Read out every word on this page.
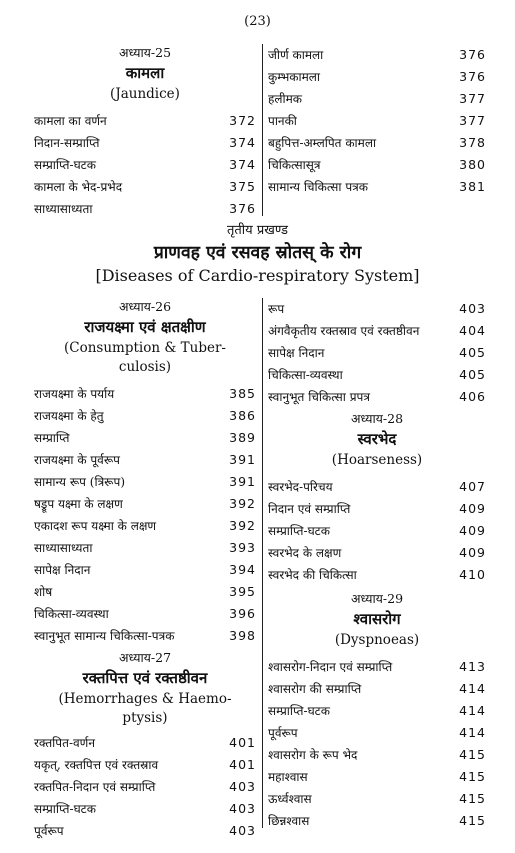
(23)
अध्याय-25
कामला
(Jaundice)
कामला का वर्णन	372
निदान-सम्प्राप्ति	374
सम्प्राप्ति-घटक	374
कामला के भेद-प्रभेद	375
साध्यासाध्यता	376
जीर्ण कामला	376
कुम्भकामला	376
हलीमक	377
पानकी	377
बहुपित्त-अम्लपित कामला	378
चिकित्सासूत्र	380
सामान्य चिकित्सा पत्रक	381
तृतीय प्रखण्ड
प्राणवह एवं रसवह स्रोतस् के रोग
[Diseases of Cardio-respiratory System]
अध्याय-26
राजयक्ष्मा एवं क्षतक्षीण
(Consumption & Tuber-
culosis)
राजयक्ष्मा के पर्याय	385
राजयक्ष्मा के हेतु	386
सम्प्राप्ति	389
राजयक्ष्मा के पूर्वरूप	391
सामान्य रूप (त्रिरूप)	391
षड्रूप यक्ष्मा के लक्षण	392
एकादश रूप यक्ष्मा के लक्षण	392
साध्यासाध्यता	393
सापेक्ष निदान	394
शोष	395
चिकित्सा-व्यवस्था	396
स्वानुभूत सामान्य चिकित्सा-पत्रक	398
अध्याय-27
रक्तपित्त एवं रक्तष्ठीवन
(Hemorrhages & Haemo-
ptysis)
रक्तपित-वर्णन	401
यकृत्, रक्तपित्त एवं रक्तस्राव	401
रक्तपित-निदान एवं सम्प्राप्ति	403
सम्प्राप्ति-घटक	403
पूर्वरूप	403
रूप	403
अंगवैकृतीय रक्तस्राव एवं रक्तष्ठीवन	404
सापेक्ष निदान	405
चिकित्सा-व्यवस्था	405
स्वानुभूत चिकित्सा प्रपत्र	406
अध्याय-28
स्वरभेद
(Hoarseness)
स्वरभेद-परिचय	407
निदान एवं सम्प्राप्ति	409
सम्प्राप्ति-घटक	409
स्वरभेद के लक्षण	409
स्वरभेद की चिकित्सा	410
अध्याय-29
श्वासरोग
(Dyspnoeas)
श्वासरोग-निदान एवं सम्प्राप्ति	413
श्वासरोग की सम्प्राप्ति	414
सम्प्राप्ति-घटक	414
पूर्वरूप	414
श्वासरोग के रूप भेद	415
महाश्वास	415
ऊर्ध्वश्वास	415
छिन्नश्वास	415
